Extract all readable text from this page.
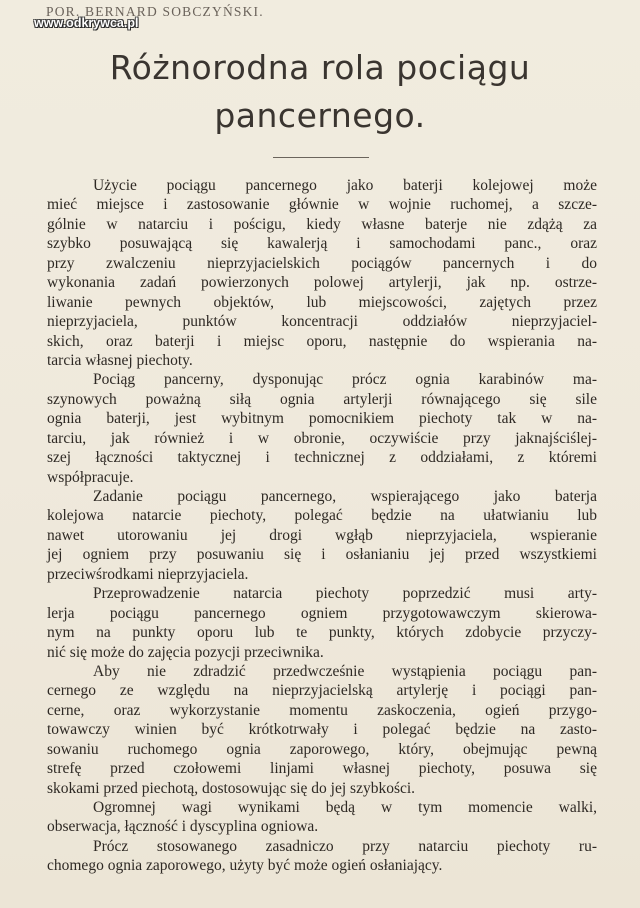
POR. BERNARD SOBCZYŃSKI.
www.odkrywca.pl
Różnorodna rola pociągu
pancernego.
Użycie pociągu pancernego jako baterji kolejowej może
mieć miejsce i zastosowanie głównie w wojnie ruchomej, a szcze-
gólnie w natarciu i pościgu, kiedy własne baterje nie zdążą za
szybko posuwającą się kawalerją i samochodami panc., oraz
przy zwalczeniu nieprzyjacielskich pociągów pancernych i do
wykonania zadań powierzonych polowej artylerji, jak np. ostrze-
liwanie pewnych objektów, lub miejscowości, zajętych przez
nieprzyjaciela, punktów koncentracji oddziałów nieprzyjaciel-
skich, oraz baterji i miejsc oporu, następnie do wspierania na-
tarcia własnej piechoty.
Pociąg pancerny, dysponując prócz ognia karabinów ma-
szynowych poważną siłą ognia artylerji równającego się sile
ognia baterji, jest wybitnym pomocnikiem piechoty tak w na-
tarciu, jak również i w obronie, oczywiście przy jaknajściślej-
szej łączności taktycznej i technicznej z oddziałami, z któremi
współpracuje.
Zadanie pociągu pancernego, wspierającego jako baterja
kolejowa natarcie piechoty, polegać będzie na ułatwianiu lub
nawet utorowaniu jej drogi wgłąb nieprzyjaciela, wspieranie
jej ogniem przy posuwaniu się i osłanianiu jej przed wszystkiemi
przeciwśrodkami nieprzyjaciela.
Przeprowadzenie natarcia piechoty poprzedzić musi arty-
lerja pociągu pancernego ogniem przygotowawczym skierowa-
nym na punkty oporu lub te punkty, których zdobycie przyczy-
nić się może do zajęcia pozycji przeciwnika.
Aby nie zdradzić przedwcześnie wystąpienia pociągu pan-
cernego ze względu na nieprzyjacielską artylerję i pociągi pan-
cerne, oraz wykorzystanie momentu zaskoczenia, ogień przygo-
towawczy winien być krótkotrwały i polegać będzie na zasto-
sowaniu ruchomego ognia zaporowego, który, obejmując pewną
strefę przed czołowemi linjami własnej piechoty, posuwa się
skokami przed piechotą, dostosowując się do jej szybkości.
Ogromnej wagi wynikami będą w tym momencie walki,
obserwacja, łączność i dyscyplina ogniowa.
Prócz stosowanego zasadniczo przy natarciu piechoty ru-
chomego ognia zaporowego, użyty być może ogień osłaniający.
